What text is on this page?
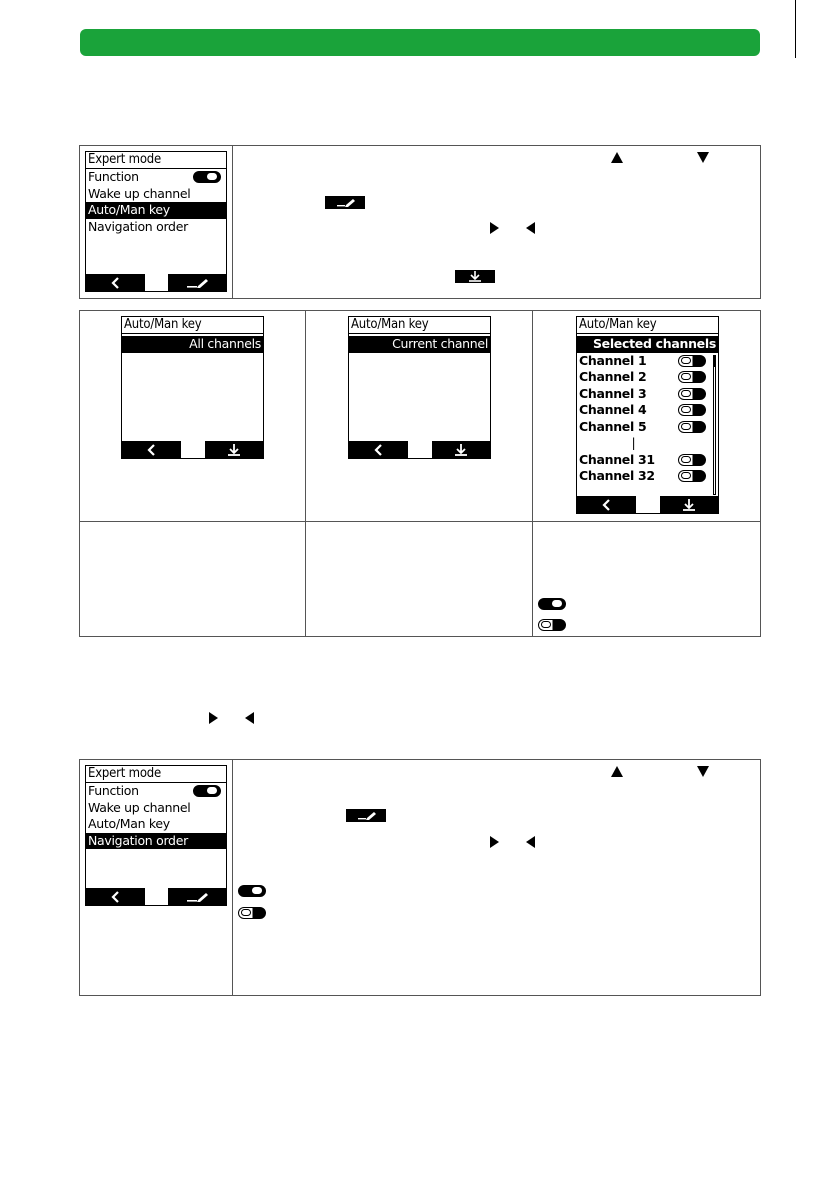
Expert mode
Function
Wake up channel
Auto/Man key
Navigation order
Auto/Man key
All channels
Auto/Man key
Current channel
Auto/Man key
Selected channels
Channel 1
Channel 2
Channel 3
Channel 4
Channel 5
|
Channel 31
Channel 32
Expert mode
Function
Wake up channel
Auto/Man key
Navigation order
